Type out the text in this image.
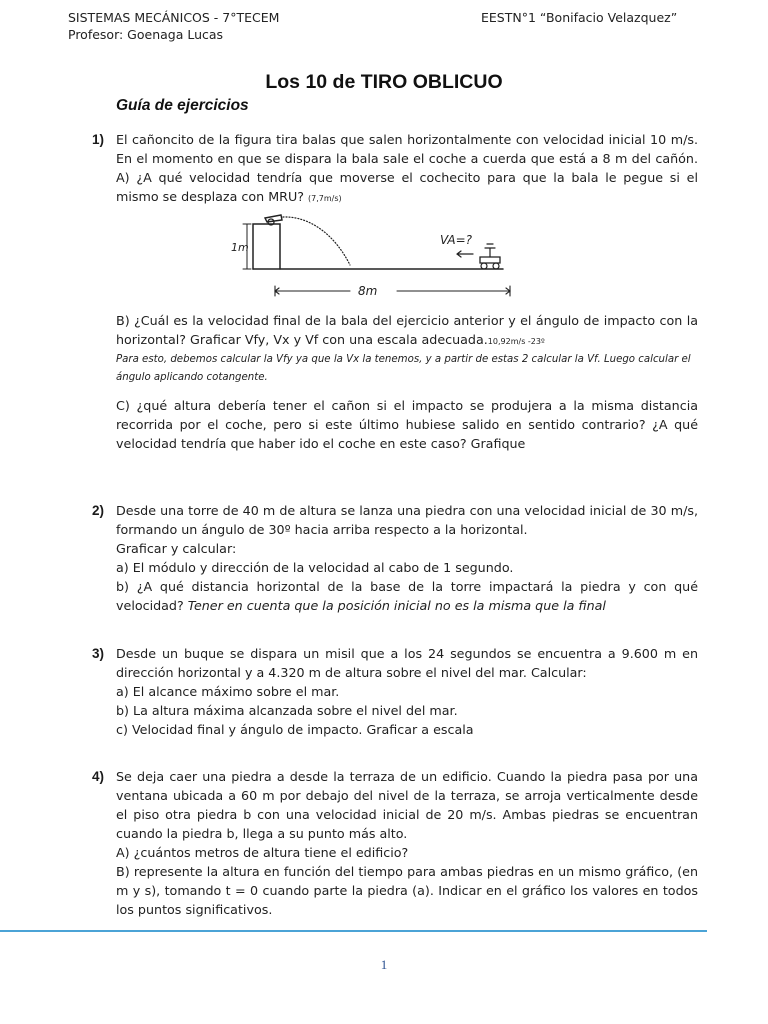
SISTEMAS MECÁNICOS - 7°TECEM
Profesor: Goenaga Lucas
EESTN°1 “Bonifacio Velazquez”
Los 10 de TIRO OBLICUO
Guía de ejercicios
1) El cañoncito de la figura tira balas que salen horizontalmente con velocidad inicial 10 m/s. En el momento en que se dispara la bala sale el coche a cuerda que está a 8 m del cañón. A) ¿A qué velocidad tendría que moverse el cochecito para que la bala le pegue si el mismo se desplaza con MRU? (7,7m/s)

1m
VA=?
8m

B) ¿Cuál es la velocidad final de la bala del ejercicio anterior y el ángulo de impacto con la horizontal? Graficar Vfy, Vx y Vf con una escala adecuada.10,92m/s -23º

Para esto, debemos calcular la Vfy ya que la Vx la tenemos, y a partir de estas 2 calcular la Vf. Luego calcular el ángulo aplicando cotangente.

C) ¿qué altura debería tener el cañon si el impacto se produjera a la misma distancia recorrida por el coche, pero si este último hubiese salido en sentido contrario? ¿A qué velocidad tendría que haber ido el coche en este caso? Grafique

2) Desde una torre de 40 m de altura se lanza una piedra con una velocidad inicial de 30 m/s, formando un ángulo de 30º hacia arriba respecto a la horizontal.

Graficar y calcular:

a) El módulo y dirección de la velocidad al cabo de 1 segundo.

b) ¿A qué distancia horizontal de la base de la torre impactará la piedra y con qué velocidad? Tener en cuenta que la posición inicial no es la misma que la final

3) Desde un buque se dispara un misil que a los 24 segundos se encuentra a 9.600 m en dirección horizontal y a 4.320 m de altura sobre el nivel del mar. Calcular:

a) El alcance máximo sobre el mar.

b) La altura máxima alcanzada sobre el nivel del mar.

c) Velocidad final y ángulo de impacto. Graficar a escala

4) Se deja caer una piedra a desde la terraza de un edificio. Cuando la piedra pasa por una ventana ubicada a 60 m por debajo del nivel de la terraza, se arroja verticalmente desde el piso otra piedra b con una velocidad inicial de 20 m/s. Ambas piedras se encuentran cuando la piedra b, llega a su punto más alto.

A) ¿cuántos metros de altura tiene el edificio?

B) represente la altura en función del tiempo para ambas piedras en un mismo gráfico, (en m y s), tomando t = 0 cuando parte la piedra (a). Indicar en el gráfico los valores en todos los puntos significativos.

1
